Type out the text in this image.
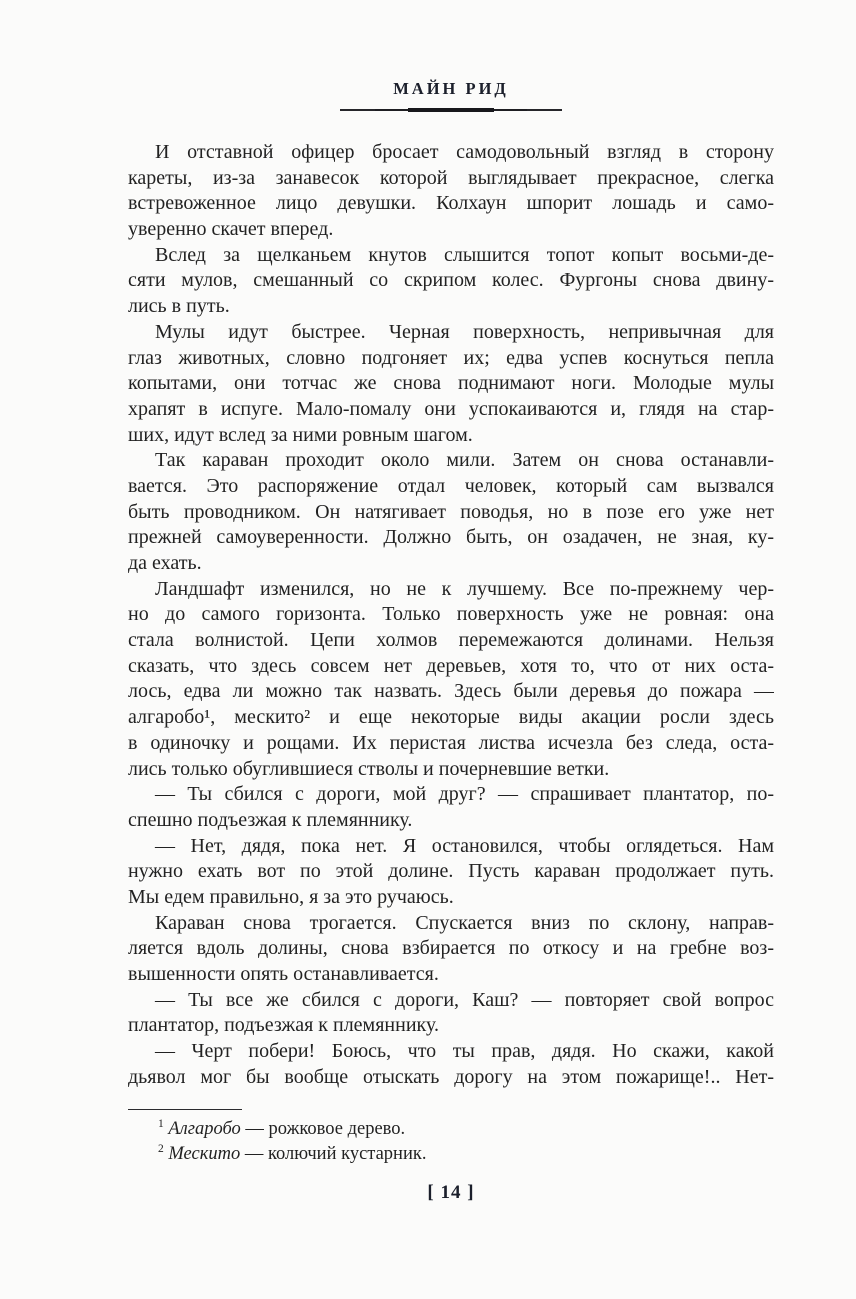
МАЙН РИД
И отставной офицер бросает самодовольный взгляд в сторону
кареты, из-за занавесок которой выглядывает прекрасное, слегка
встревоженное лицо девушки. Колхаун шпорит лошадь и само-
уверенно скачет вперед.
Вслед за щелканьем кнутов слышится топот копыт восьми-де-
сяти мулов, смешанный со скрипом колес. Фургоны снова двину-
лись в путь.
Мулы идут быстрее. Черная поверхность, непривычная для
глаз животных, словно подгоняет их; едва успев коснуться пепла
копытами, они тотчас же снова поднимают ноги. Молодые мулы
храпят в испуге. Мало-помалу они успокаиваются и, глядя на стар-
ших, идут вслед за ними ровным шагом.
Так караван проходит около мили. Затем он снова останавли-
вается. Это распоряжение отдал человек, который сам вызвался
быть проводником. Он натягивает поводья, но в позе его уже нет
прежней самоуверенности. Должно быть, он озадачен, не зная, ку-
да ехать.
Ландшафт изменился, но не к лучшему. Все по-прежнему чер-
но до самого горизонта. Только поверхность уже не ровная: она
стала волнистой. Цепи холмов перемежаются долинами. Нельзя
сказать, что здесь совсем нет деревьев, хотя то, что от них оста-
лось, едва ли можно так назвать. Здесь были деревья до пожара —
алгаробо¹, мескито² и еще некоторые виды акации росли здесь
в одиночку и рощами. Их перистая листва исчезла без следа, оста-
лись только обуглившиеся стволы и почерневшие ветки.
— Ты сбился с дороги, мой друг? — спрашивает плантатор, по-
спешно подъезжая к племяннику.
— Нет, дядя, пока нет. Я остановился, чтобы оглядеться. Нам
нужно ехать вот по этой долине. Пусть караван продолжает путь.
Мы едем правильно, я за это ручаюсь.
Караван снова трогается. Спускается вниз по склону, направ-
ляется вдоль долины, снова взбирается по откосу и на гребне воз-
вышенности опять останавливается.
— Ты все же сбился с дороги, Каш? — повторяет свой вопрос
плантатор, подъезжая к племяннику.
— Черт побери! Боюсь, что ты прав, дядя. Но скажи, какой
дьявол мог бы вообще отыскать дорогу на этом пожарище!.. Нет-
$^1$ Алгаробо — рожковое дерево.
$^2$ Мескито — колючий кустарник.
[ 14 ]
